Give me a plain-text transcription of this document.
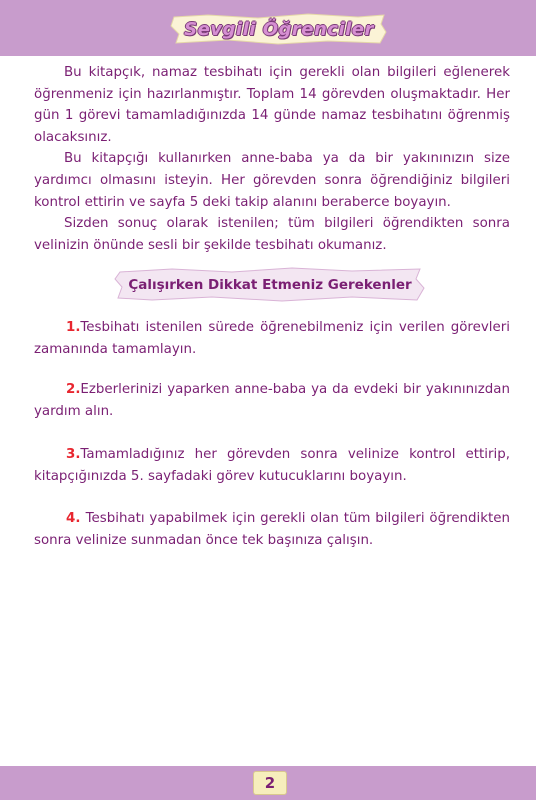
Sevgili Öğrenciler

Bu kitapçık, namaz tesbihatı için gerekli olan bilgileri eğlenerek öğrenmeniz için hazırlanmıştır. Toplam 14 görevden oluşmaktadır. Her gün 1 görevi tamamladığınızda 14 günde namaz tesbihatını öğrenmiş olacaksınız.

Bu kitapçığı kullanırken anne-baba ya da bir yakınınızın size yardımcı olmasını isteyin. Her görevden sonra öğrendiğiniz bilgileri kontrol ettirin ve sayfa 5 deki takip alanını beraberce boyayın.

Sizden sonuç olarak istenilen; tüm bilgileri öğrendikten sonra velinizin önünde sesli bir şekilde tesbihatı okumanız.

Çalışırken Dikkat Etmeniz Gerekenler

1.Tesbihatı istenilen sürede öğrenebilmeniz için verilen görevleri zamanında tamamlayın.

2.Ezberlerinizi yaparken anne-baba ya da evdeki bir yakınınızdan yardım alın.

3.Tamamladığınız her görevden sonra velinize kontrol ettirip, kitapçığınızda 5. sayfadaki görev kutucuklarını boyayın.

4. Tesbihatı yapabilmek için gerekli olan tüm bilgileri öğrendikten sonra velinize sunmadan önce tek başınıza çalışın.

2
